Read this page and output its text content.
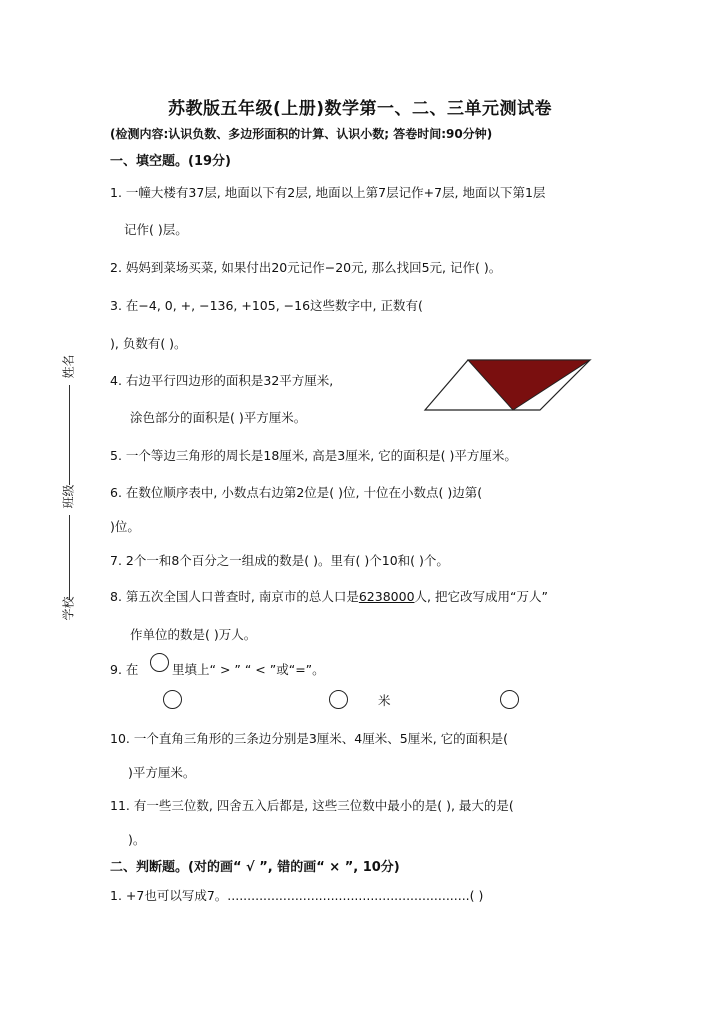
苏教版五年级(上册)数学第一、二、三单元测试卷
(检测内容:认识负数、多边形面积的计算、认识小数; 答卷时间:90分钟)
姓名
班级
学校
一、填空题。(19分)
1. 一幢大楼有37层, 地面以下有2层, 地面以上第7层记作+7层, 地面以下第1层
记作( )层。
2. 妈妈到菜场买菜, 如果付出20元记作−20元, 那么找回5元, 记作( )。
3. 在−4, 0, +, −136, +105, −16这些数字中, 正数有(
), 负数有( )。
4. 右边平行四边形的面积是32平方厘米,
涂色部分的面积是( )平方厘米。
5. 一个等边三角形的周长是18厘米, 高是3厘米, 它的面积是( )平方厘米。
6. 在数位顺序表中, 小数点右边第2位是( )位, 十位在小数点( )边第(
)位。
7. 2个一和8个百分之一组成的数是( )。里有( )个10和( )个。
8. 第五次全国人口普查时, 南京市的总人口是6238000人, 把它改写成用“万人”
作单位的数是( )万人。
9. 在	里填上“ > ” “ < ”或“=”。
米
10. 一个直角三角形的三条边分别是3厘米、4厘米、5厘米, 它的面积是(
)平方厘米。
11. 有一些三位数, 四舍五入后都是, 这些三位数中最小的是( ), 最大的是(
)。
二、判断题。(对的画“ √ ”, 错的画“ × ”, 10分)
1. +7也可以写成7。.............................................................( )
